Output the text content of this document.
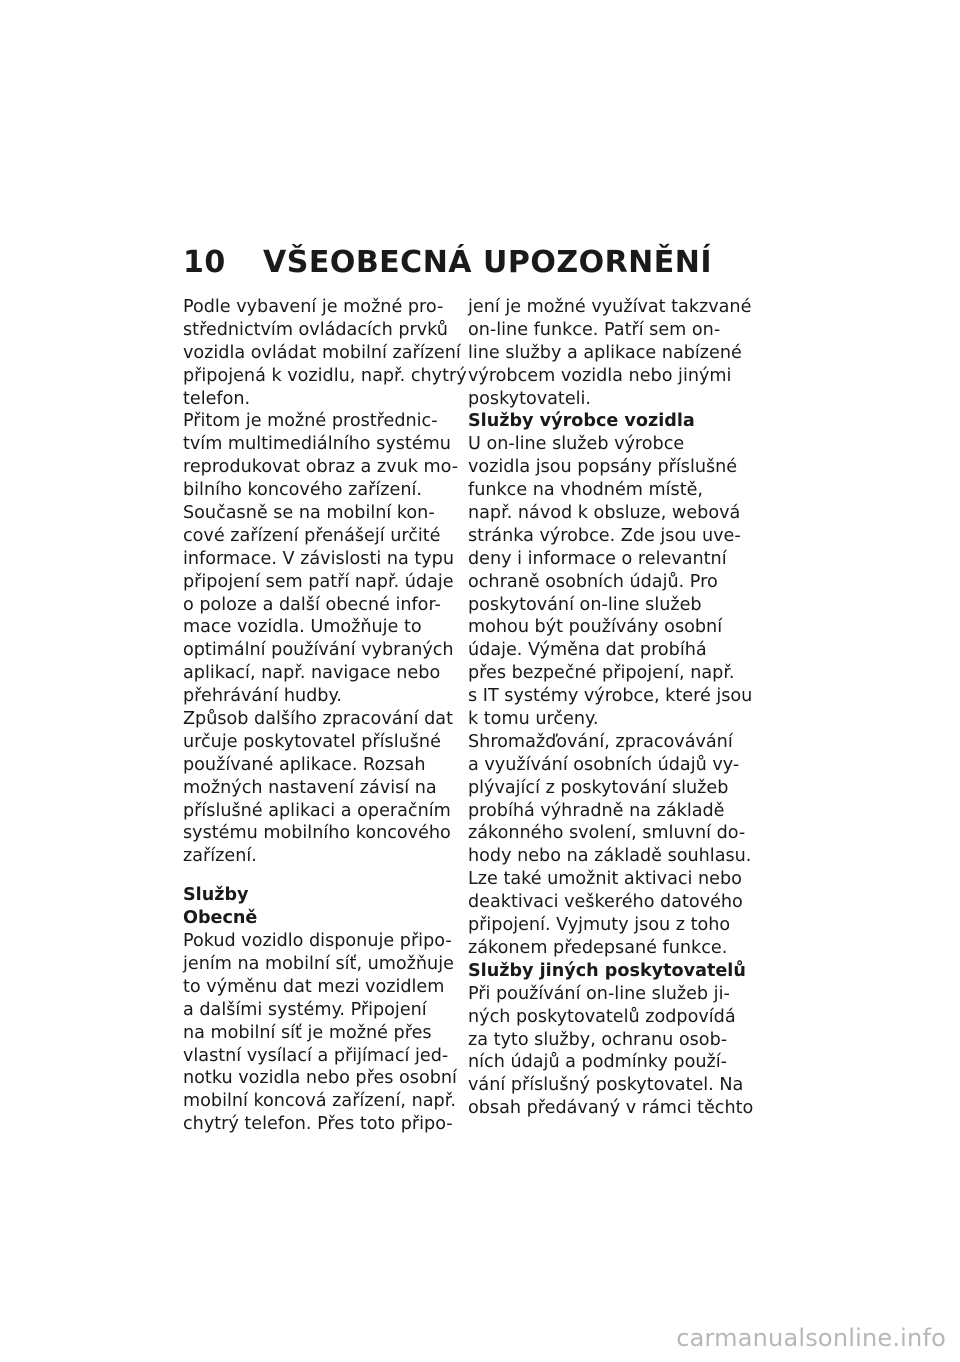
10	VŠEOBECNÁ UPOZORNĚNÍ
Podle vybavení je možné pro-
střednictvím ovládacích prvků
vozidla ovládat mobilní zařízení
připojená k vozidlu, např. chytrý
telefon.
Přitom je možné prostřednic-
tvím multimediálního systému
reprodukovat obraz a zvuk mo-
bilního koncového zařízení.
Současně se na mobilní kon-
cové zařízení přenášejí určité
informace. V závislosti na typu
připojení sem patří např. údaje
o poloze a další obecné infor-
mace vozidla. Umožňuje to
optimální používání vybraných
aplikací, např. navigace nebo
přehrávání hudby.
Způsob dalšího zpracování dat
určuje poskytovatel příslušné
používané aplikace. Rozsah
možných nastavení závisí na
příslušné aplikaci a operačním
systému mobilního koncového
zařízení.
Služby
Obecně
Pokud vozidlo disponuje připo-
jením na mobilní síť, umožňuje
to výměnu dat mezi vozidlem
a dalšími systémy. Připojení
na mobilní síť je možné přes
vlastní vysílací a přijímací jed-
notku vozidla nebo přes osobní
mobilní koncová zařízení, např.
chytrý telefon. Přes toto připo-
jení je možné využívat takzvané
on-line funkce. Patří sem on-
line služby a aplikace nabízené
výrobcem vozidla nebo jinými
poskytovateli.
Služby výrobce vozidla
U on-line služeb výrobce
vozidla jsou popsány příslušné
funkce na vhodném místě,
např. návod k obsluze, webová
stránka výrobce. Zde jsou uve-
deny i informace o relevantní
ochraně osobních údajů. Pro
poskytování on-line služeb
mohou být používány osobní
údaje. Výměna dat probíhá
přes bezpečné připojení, např.
s IT systémy výrobce, které jsou
k tomu určeny.
Shromažďování, zpracovávání
a využívání osobních údajů vy-
plývající z poskytování služeb
probíhá výhradně na základě
zákonného svolení, smluvní do-
hody nebo na základě souhlasu.
Lze také umožnit aktivaci nebo
deaktivaci veškerého datového
připojení. Vyjmuty jsou z toho
zákonem předepsané funkce.
Služby jiných poskytovatelů
Při používání on-line služeb ji-
ných poskytovatelů zodpovídá
za tyto služby, ochranu osob-
ních údajů a podmínky použí-
vání příslušný poskytovatel. Na
obsah předávaný v rámci těchto
carmanualsonline.info
